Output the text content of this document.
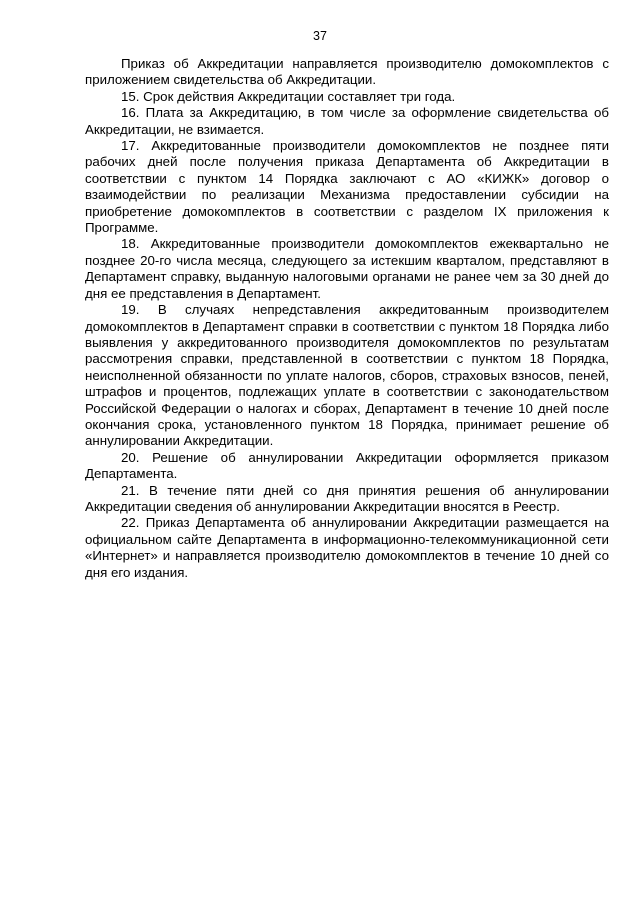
37

Приказ об Аккредитации направляется производителю домокомплектов с приложением свидетельства об Аккредитации.

15. Срок действия Аккредитации составляет три года.

16. Плата за Аккредитацию, в том числе за оформление свидетельства об Аккредитации, не взимается.

17. Аккредитованные производители домокомплектов не позднее пяти рабочих дней после получения приказа Департамента об Аккредитации в соответствии с пунктом 14 Порядка заключают с АО «КИЖК» договор о взаимодействии по реализации Механизма предоставлении субсидии на приобретение домокомплектов в соответствии с разделом IX приложения к Программе.

18. Аккредитованные производители домокомплектов ежеквартально не позднее 20-го числа месяца, следующего за истекшим кварталом, представляют в Департамент справку, выданную налоговыми органами не ранее чем за 30 дней до дня ее представления в Департамент.

19. В случаях непредставления аккредитованным производителем домокомплектов в Департамент справки в соответствии с пунктом 18 Порядка либо выявления у аккредитованного производителя домокомплектов по результатам рассмотрения справки, представленной в соответствии с пунктом 18 Порядка, неисполненной обязанности по уплате налогов, сборов, страховых взносов, пеней, штрафов и процентов, подлежащих уплате в соответствии с законодательством Российской Федерации о налогах и сборах, Департамент в течение 10 дней после окончания срока, установленного пунктом 18 Порядка, принимает решение об аннулировании Аккредитации.

20. Решение об аннулировании Аккредитации оформляется приказом Департамента.

21. В течение пяти дней со дня принятия решения об аннулировании Аккредитации сведения об аннулировании Аккредитации вносятся в Реестр.

22. Приказ Департамента об аннулировании Аккредитации размещается на официальном сайте Департамента в информационно-телекоммуникационной сети «Интернет» и направляется производителю домокомплектов в течение 10 дней со дня его издания.
